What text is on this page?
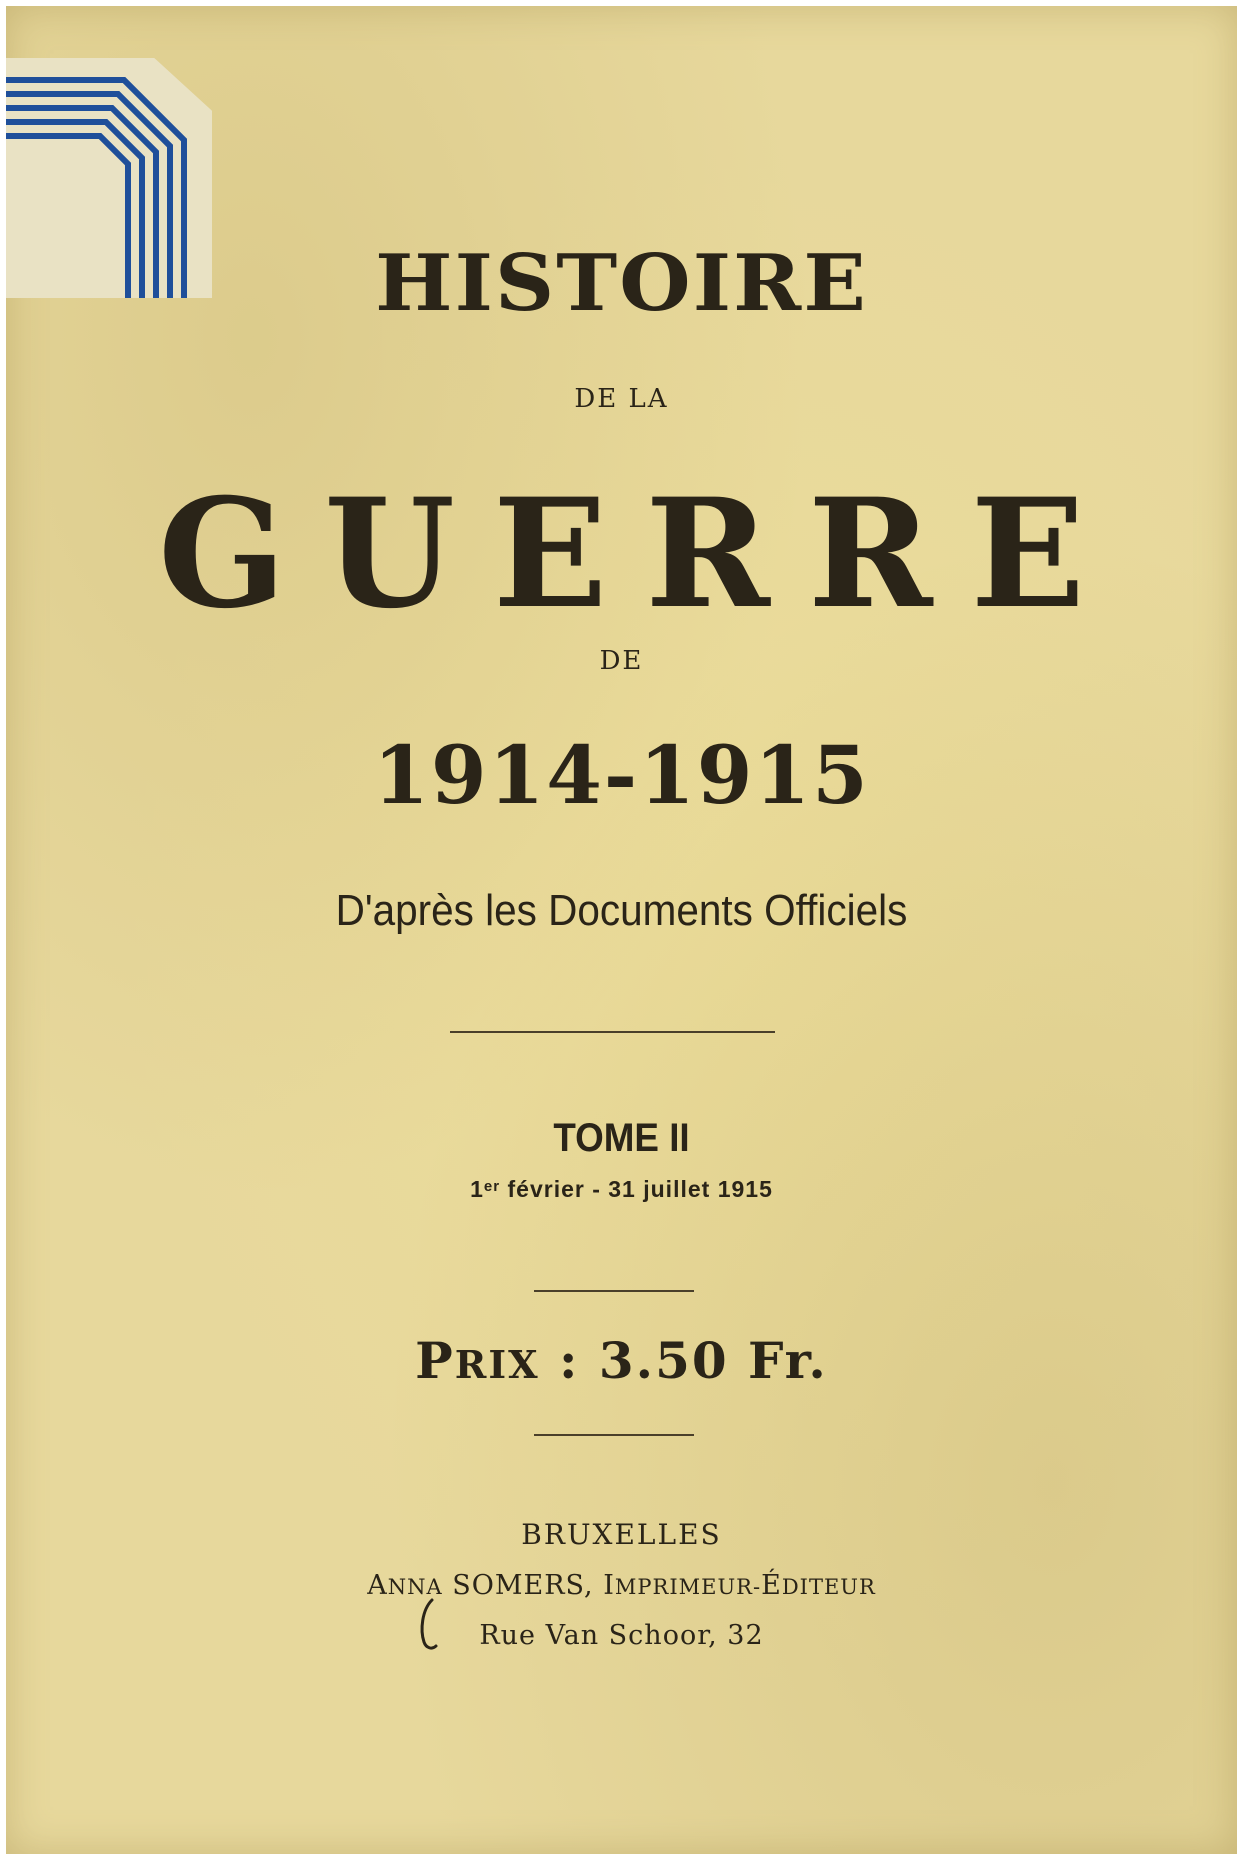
HISTOIRE
DE LA
GUERRE
DE
1914-1915
D'après les Documents Officiels
TOME II
1er février - 31 juillet 1915
PRIX : 3.50 Fr.
BRUXELLES
ANNA SOMERS, IMPRIMEUR-ÉDITEUR
Rue Van Schoor, 32
